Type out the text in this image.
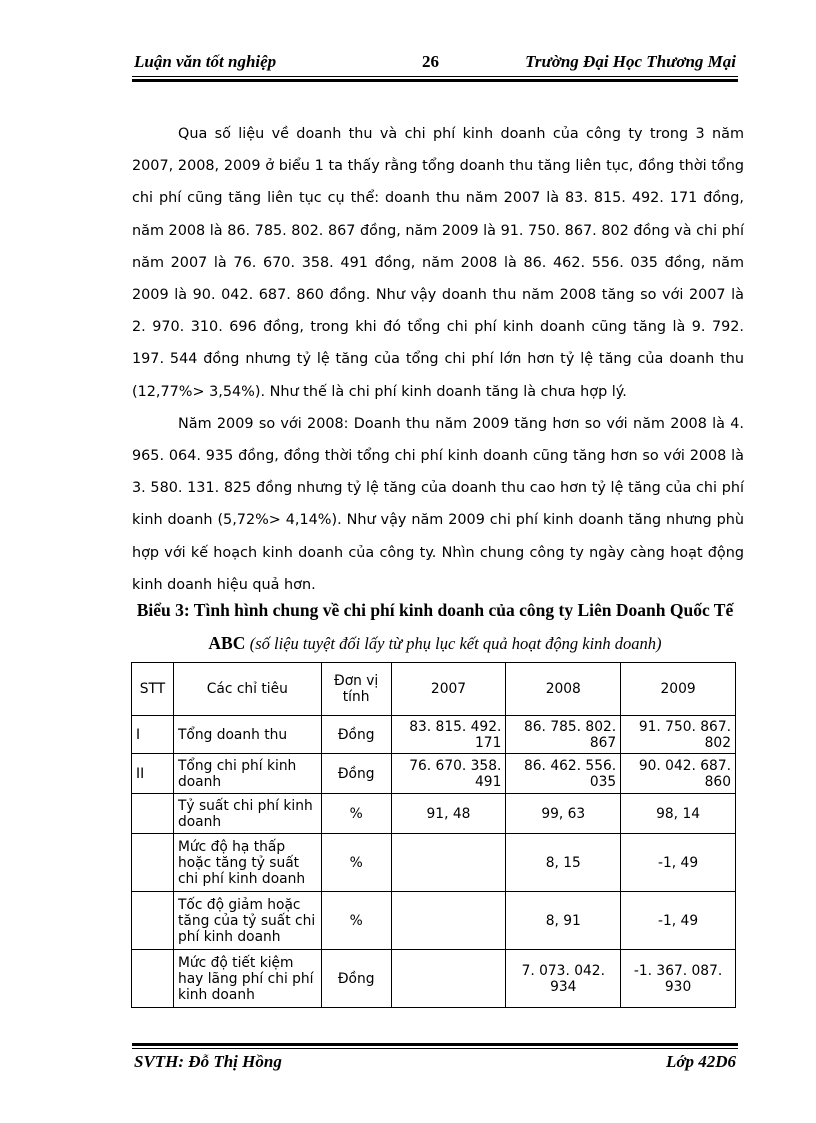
Luận văn tốt nghiệp	26	Trường Đại Học Thương Mại

Qua số liệu về doanh thu và chi phí kinh doanh của công ty trong 3 năm 2007, 2008, 2009 ở biểu 1 ta thấy rằng tổng doanh thu tăng liên tục, đồng thời tổng chi phí cũng tăng liên tục cụ thể: doanh thu năm 2007 là 83. 815. 492. 171 đồng, năm 2008 là 86. 785. 802. 867 đồng, năm 2009 là 91. 750. 867. 802 đồng và chi phí năm 2007 là 76. 670. 358. 491 đồng, năm 2008 là 86. 462. 556. 035 đồng, năm 2009 là 90. 042. 687. 860 đồng. Như vậy doanh thu năm 2008 tăng so với 2007 là 2. 970. 310. 696 đồng, trong khi đó tổng chi phí kinh doanh cũng tăng là 9. 792. 197. 544 đồng nhưng tỷ lệ tăng của tổng chi phí lớn hơn tỷ lệ tăng của doanh thu (12,77%> 3,54%). Như thế là chi phí kinh doanh tăng là chưa hợp lý.

Năm 2009 so với 2008: Doanh thu năm 2009 tăng hơn so với năm 2008 là 4. 965. 064. 935 đồng, đồng thời tổng chi phí kinh doanh cũng tăng hơn so với 2008 là 3. 580. 131. 825 đồng nhưng tỷ lệ tăng của doanh thu cao hơn tỷ lệ tăng của chi phí kinh doanh (5,72%> 4,14%). Như vậy năm 2009 chi phí kinh doanh tăng nhưng phù hợp với kế hoạch kinh doanh của công ty. Nhìn chung công ty ngày càng hoạt động kinh doanh hiệu quả hơn.

Biểu 3: Tình hình chung về chi phí kinh doanh của công ty Liên Doanh Quốc Tế ABC (số liệu tuyệt đối lấy từ phụ lục kết quả hoạt động kinh doanh)
STT	Các chỉ tiêu	Đơn vị tính	2007	2008	2009
I	Tổng doanh thu	Đồng	83. 815. 492. 171	86. 785. 802. 867	91. 750. 867. 802
II	Tổng chi phí kinh doanh	Đồng	76. 670. 358. 491	86. 462. 556. 035	90. 042. 687. 860
	Tỷ suất chi phí kinh doanh	%	91, 48	99, 63	98, 14
	Mức độ hạ thấp hoặc tăng tỷ suất chi phí kinh doanh	%		8, 15	-1, 49
	Tốc độ giảm hoặc tăng của tỷ suất chi phí kinh doanh	%		8, 91	-1, 49
	Mức độ tiết kiệm hay lãng phí chi phí kinh doanh	Đồng		7. 073. 042. 934	-1. 367. 087. 930
SVTH: Đỗ Thị Hồng	Lớp 42D6
